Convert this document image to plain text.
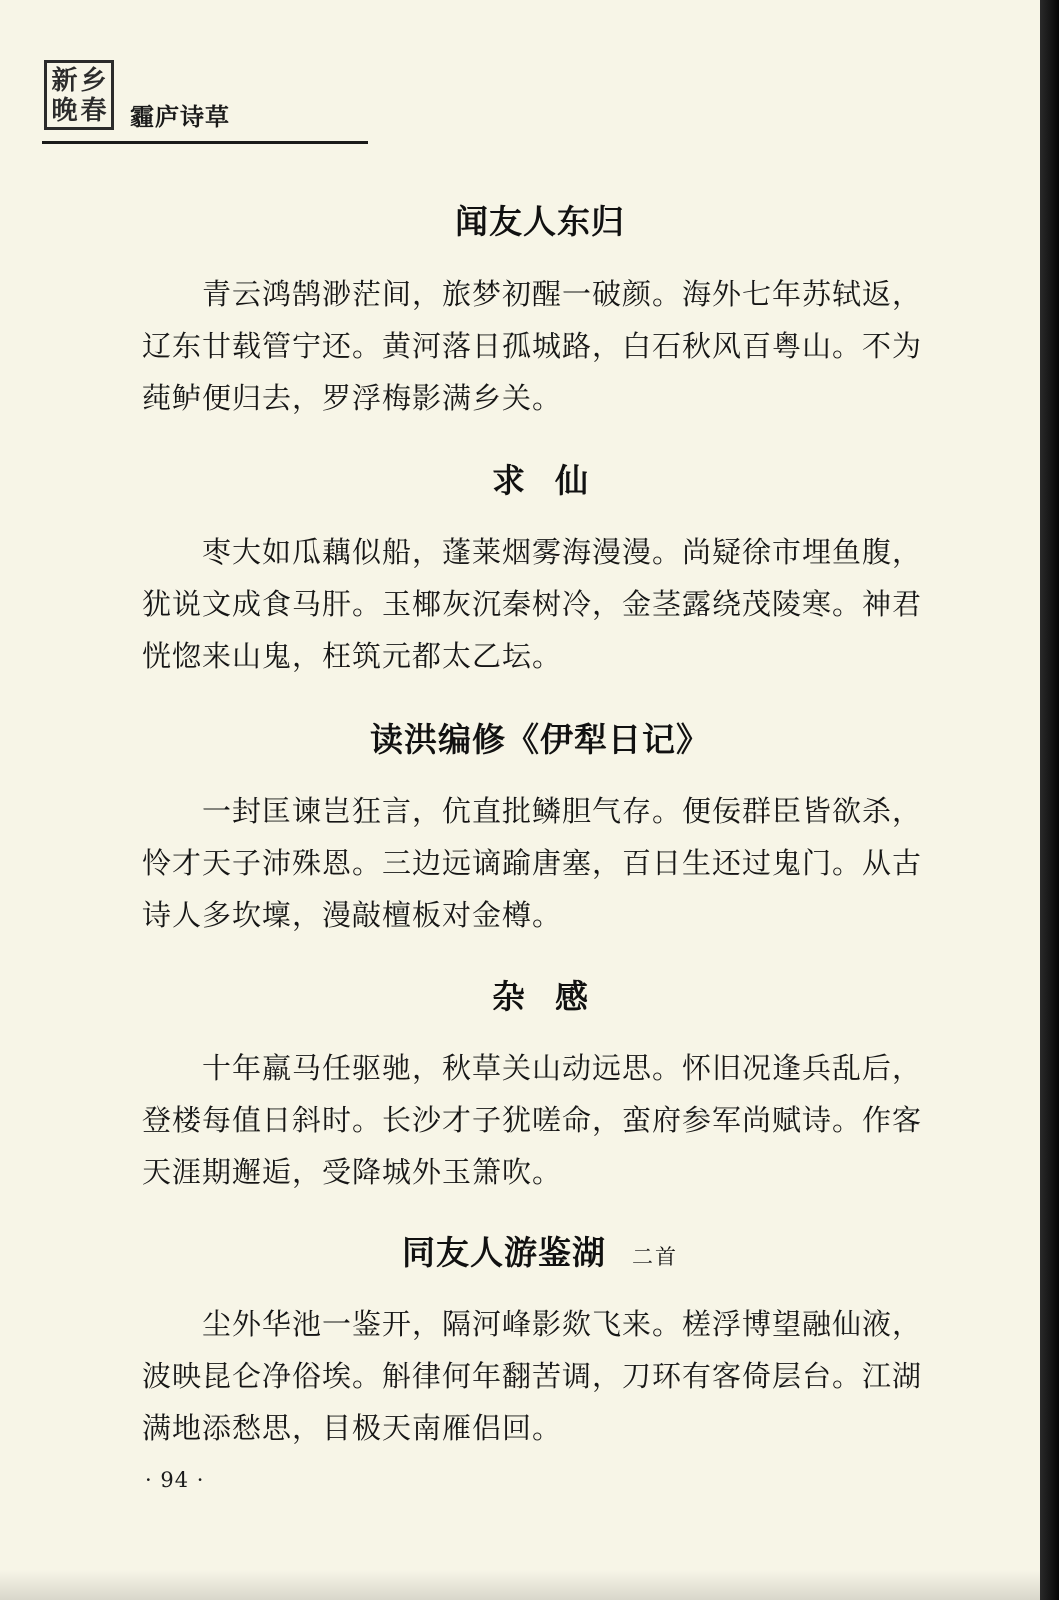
新 乡
晚 春 霾庐诗草
闻友人东归
青云鸿鹄渺茫间，旅梦初醒一破颜。海外七年苏轼返，
辽东廿载管宁还。黄河落日孤城路，白石秋风百粤山。不为
莼鲈便归去，罗浮梅影满乡关。
求仙
枣大如瓜藕似船，蓬莱烟雾海漫漫。尚疑徐市埋鱼腹，
犹说文成食马肝。玉椰灰沉秦树冷，金茎露绕茂陵寒。神君
恍惚来山鬼，枉筑元都太乙坛。
读洪编修《伊犁日记》
一封匡谏岂狂言，伉直批鳞胆气存。便佞群臣皆欲杀，
怜才天子沛殊恩。三边远谪踰唐塞，百日生还过鬼门。从古
诗人多坎壈，漫敲檀板对金樽。
杂感
十年羸马任驱驰，秋草关山动远思。怀旧况逢兵乱后，
登楼每值日斜时。长沙才子犹嗟命，蛮府参军尚赋诗。作客
天涯期邂逅，受降城外玉箫吹。
同友人游鉴湖 二首
尘外华池一鉴开，隔河峰影欻飞来。槎浮博望融仙液，
波映昆仑净俗埃。斛律何年翻苦调，刀环有客倚层台。江湖
满地添愁思，目极天南雁侣回。
· 94 ·
